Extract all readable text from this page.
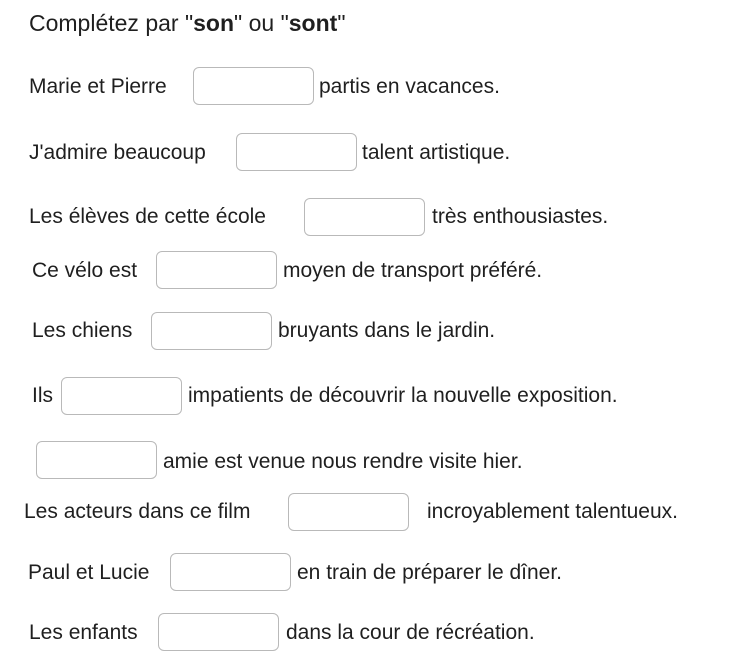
Complétez par "son" ou "sont"
Marie et Pierre	partis en vacances.
J'admire beaucoup	talent artistique.
Les élèves de cette école	très enthousiastes.
Ce vélo est	moyen de transport préféré.
Les chiens	bruyants dans le jardin.
Ils	impatients de découvrir la nouvelle exposition.
amie est venue nous rendre visite hier.
Les acteurs dans ce film	incroyablement talentueux.
Paul et Lucie	en train de préparer le dîner.
Les enfants	dans la cour de récréation.
